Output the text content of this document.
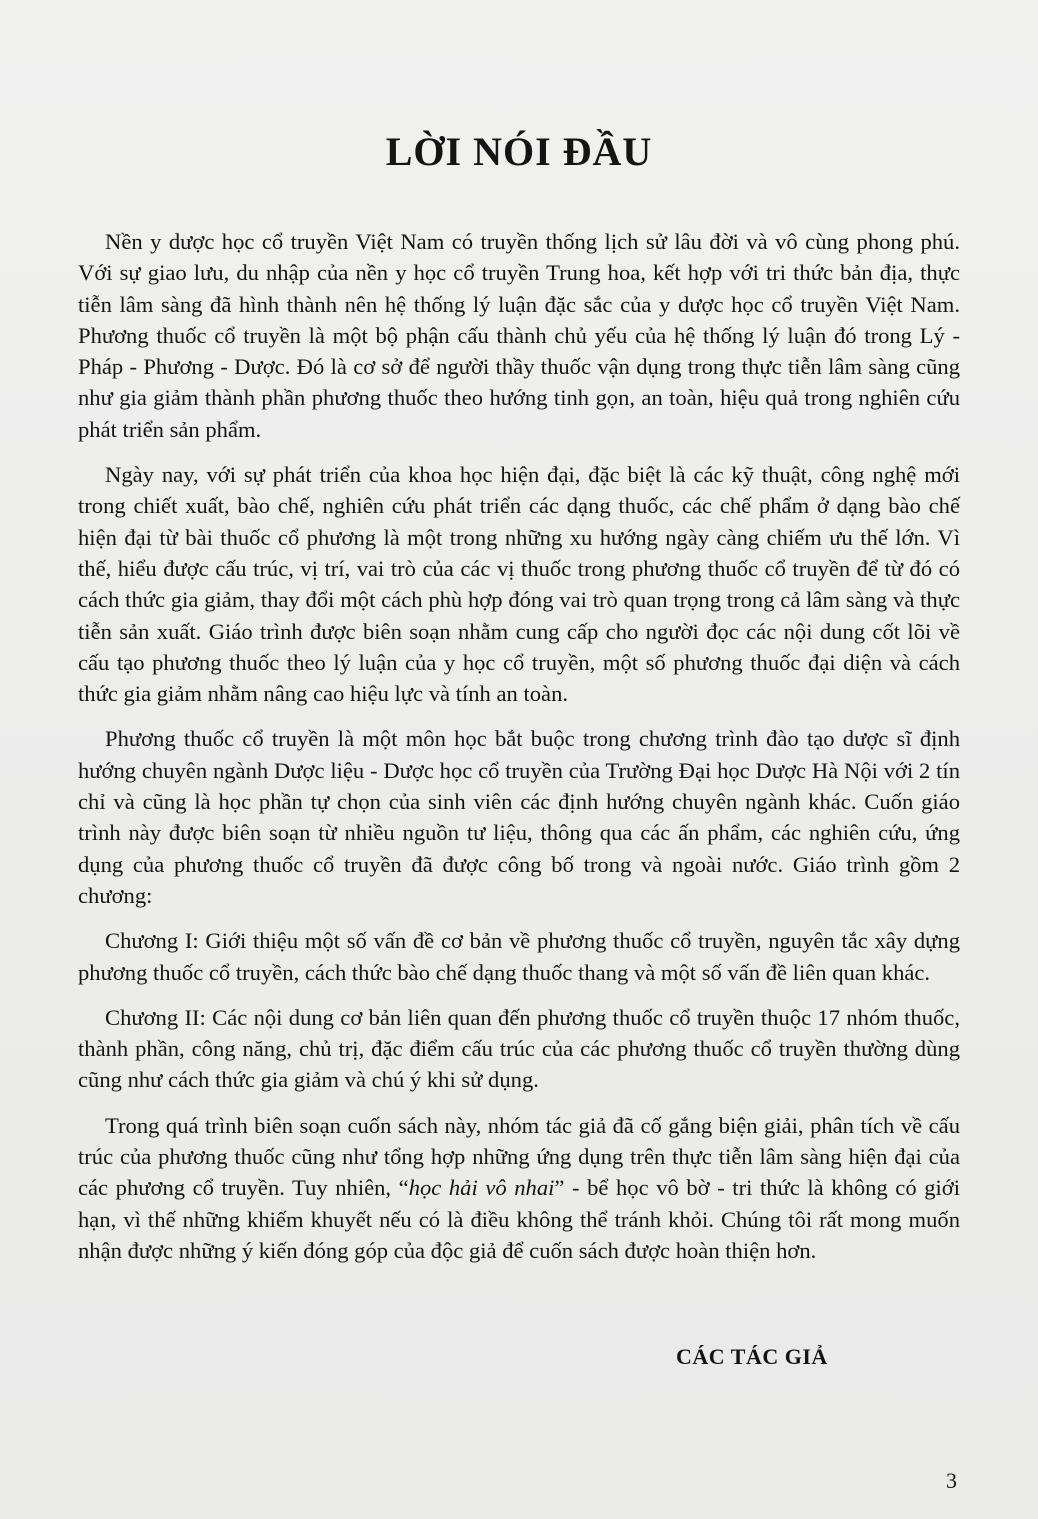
LỜI NÓI ĐẦU

Nền y dược học cổ truyền Việt Nam có truyền thống lịch sử lâu đời và vô cùng phong phú. Với sự giao lưu, du nhập của nền y học cổ truyền Trung hoa, kết hợp với tri thức bản địa, thực tiễn lâm sàng đã hình thành nên hệ thống lý luận đặc sắc của y dược học cổ truyền Việt Nam. Phương thuốc cổ truyền là một bộ phận cấu thành chủ yếu của hệ thống lý luận đó trong Lý - Pháp - Phương - Dược. Đó là cơ sở để người thầy thuốc vận dụng trong thực tiễn lâm sàng cũng như gia giảm thành phần phương thuốc theo hướng tinh gọn, an toàn, hiệu quả trong nghiên cứu phát triển sản phẩm.

Ngày nay, với sự phát triển của khoa học hiện đại, đặc biệt là các kỹ thuật, công nghệ mới trong chiết xuất, bào chế, nghiên cứu phát triển các dạng thuốc, các chế phẩm ở dạng bào chế hiện đại từ bài thuốc cổ phương là một trong những xu hướng ngày càng chiếm ưu thế lớn. Vì thế, hiểu được cấu trúc, vị trí, vai trò của các vị thuốc trong phương thuốc cổ truyền để từ đó có cách thức gia giảm, thay đổi một cách phù hợp đóng vai trò quan trọng trong cả lâm sàng và thực tiễn sản xuất. Giáo trình được biên soạn nhằm cung cấp cho người đọc các nội dung cốt lõi về cấu tạo phương thuốc theo lý luận của y học cổ truyền, một số phương thuốc đại diện và cách thức gia giảm nhằm nâng cao hiệu lực và tính an toàn.

Phương thuốc cổ truyền là một môn học bắt buộc trong chương trình đào tạo dược sĩ định hướng chuyên ngành Dược liệu - Dược học cổ truyền của Trường Đại học Dược Hà Nội với 2 tín chỉ và cũng là học phần tự chọn của sinh viên các định hướng chuyên ngành khác. Cuốn giáo trình này được biên soạn từ nhiều nguồn tư liệu, thông qua các ấn phẩm, các nghiên cứu, ứng dụng của phương thuốc cổ truyền đã được công bố trong và ngoài nước. Giáo trình gồm 2 chương:

Chương I: Giới thiệu một số vấn đề cơ bản về phương thuốc cổ truyền, nguyên tắc xây dựng phương thuốc cổ truyền, cách thức bào chế dạng thuốc thang và một số vấn đề liên quan khác.

Chương II: Các nội dung cơ bản liên quan đến phương thuốc cổ truyền thuộc 17 nhóm thuốc, thành phần, công năng, chủ trị, đặc điểm cấu trúc của các phương thuốc cổ truyền thường dùng cũng như cách thức gia giảm và chú ý khi sử dụng.

Trong quá trình biên soạn cuốn sách này, nhóm tác giả đã cố gắng biện giải, phân tích về cấu trúc của phương thuốc cũng như tổng hợp những ứng dụng trên thực tiễn lâm sàng hiện đại của các phương cổ truyền. Tuy nhiên, “học hải vô nhai” - bể học vô bờ - tri thức là không có giới hạn, vì thế những khiếm khuyết nếu có là điều không thể tránh khỏi. Chúng tôi rất mong muốn nhận được những ý kiến đóng góp của độc giả để cuốn sách được hoàn thiện hơn.

CÁC TÁC GIẢ

3
